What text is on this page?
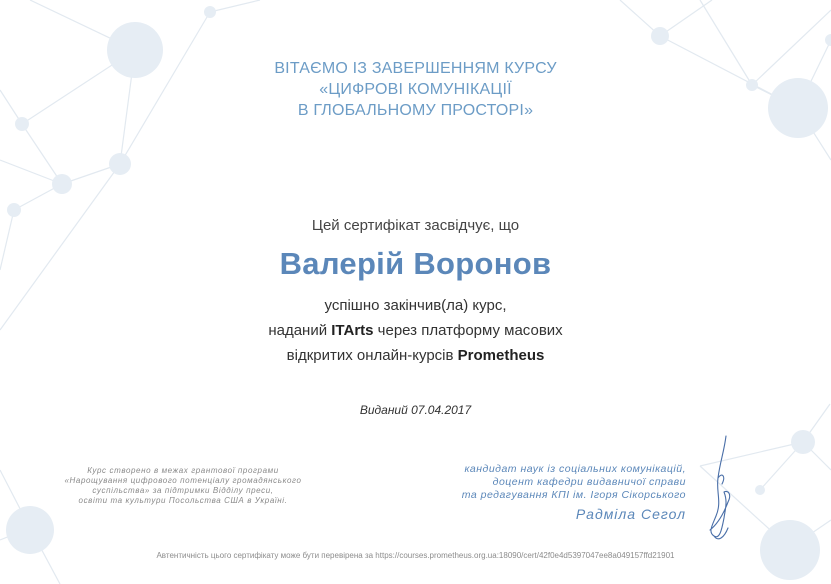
ВІТАЄМО ІЗ ЗАВЕРШЕННЯМ КУРСУ
«ЦИФРОВІ КОМУНІКАЦІЇ
В ГЛОБАЛЬНОМУ ПРОСТОРІ»
Цей сертифікат засвідчує, що
Валерій Воронов
успішно закінчив(ла) курс,
наданий ITArts через платформу масових
відкритих онлайн-курсів Prometheus
Виданий 07.04.2017
Курс створено в межах грантової програми
«Нарощування цифрового потенціалу громадянського
суспільства» за підтримки Відділу преси,
освіти та культури Посольства США в Україні.
кандидат наук із соціальних комунікацій,
доцент кафедри видавничої справи
та редагування КПІ ім. Ігоря Сікорського
Радміла Сегол
Автентичність цього сертифікату може бути перевірена за https://courses.prometheus.org.ua:18090/cert/42f0e4d5397047ee8a049157ffd21901
